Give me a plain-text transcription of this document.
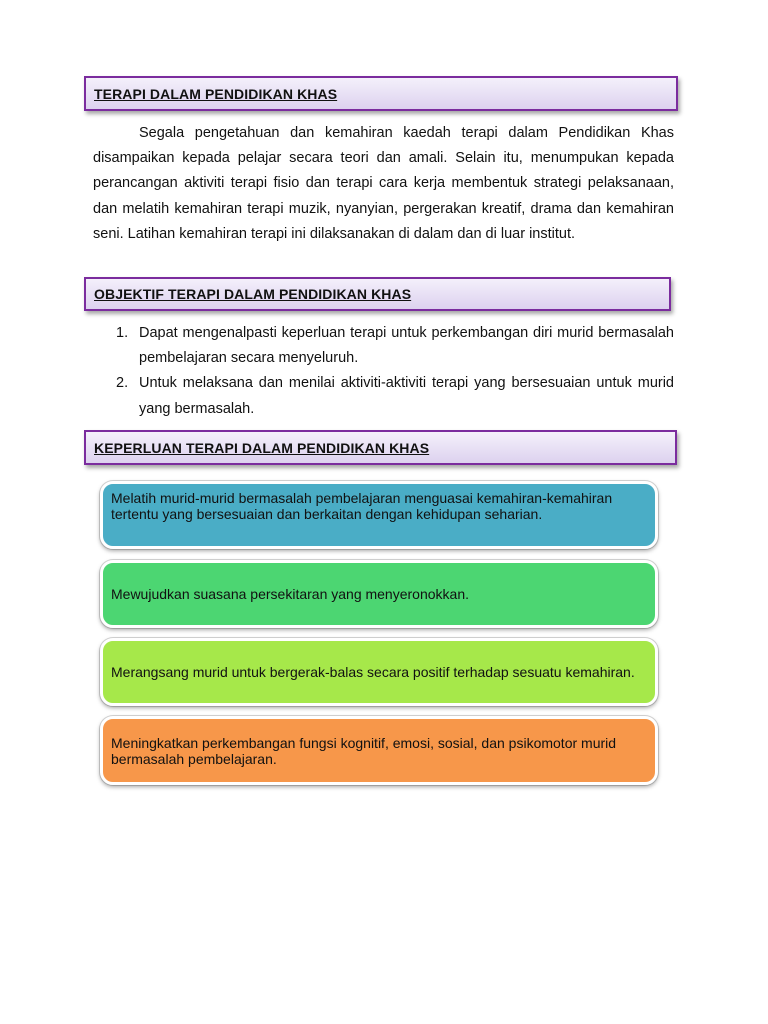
TERAPI DALAM PENDIDIKAN KHAS

Segala pengetahuan dan kemahiran kaedah terapi dalam Pendidikan Khas disampaikan kepada pelajar secara teori dan amali. Selain itu, menumpukan kepada perancangan aktiviti terapi fisio dan terapi cara kerja membentuk strategi pelaksanaan, dan melatih kemahiran terapi muzik, nyanyian, pergerakan kreatif, drama dan kemahiran seni. Latihan kemahiran terapi ini dilaksanakan di dalam dan di luar institut.

OBJEKTIF TERAPI DALAM PENDIDIKAN KHAS
1. Dapat mengenalpasti keperluan terapi untuk perkembangan diri murid bermasalah pembelajaran secara menyeluruh.
2. Untuk melaksana dan menilai aktiviti-aktiviti terapi yang bersesuaian untuk murid yang bermasalah.
KEPERLUAN TERAPI DALAM PENDIDIKAN KHAS
Melatih murid-murid bermasalah pembelajaran menguasai kemahiran-kemahiran tertentu yang bersesuaian dan berkaitan dengan kehidupan seharian.
Mewujudkan suasana persekitaran yang menyeronokkan.
Merangsang murid untuk bergerak-balas secara positif terhadap sesuatu kemahiran.
Meningkatkan perkembangan fungsi kognitif, emosi, sosial, dan psikomotor murid bermasalah pembelajaran.
